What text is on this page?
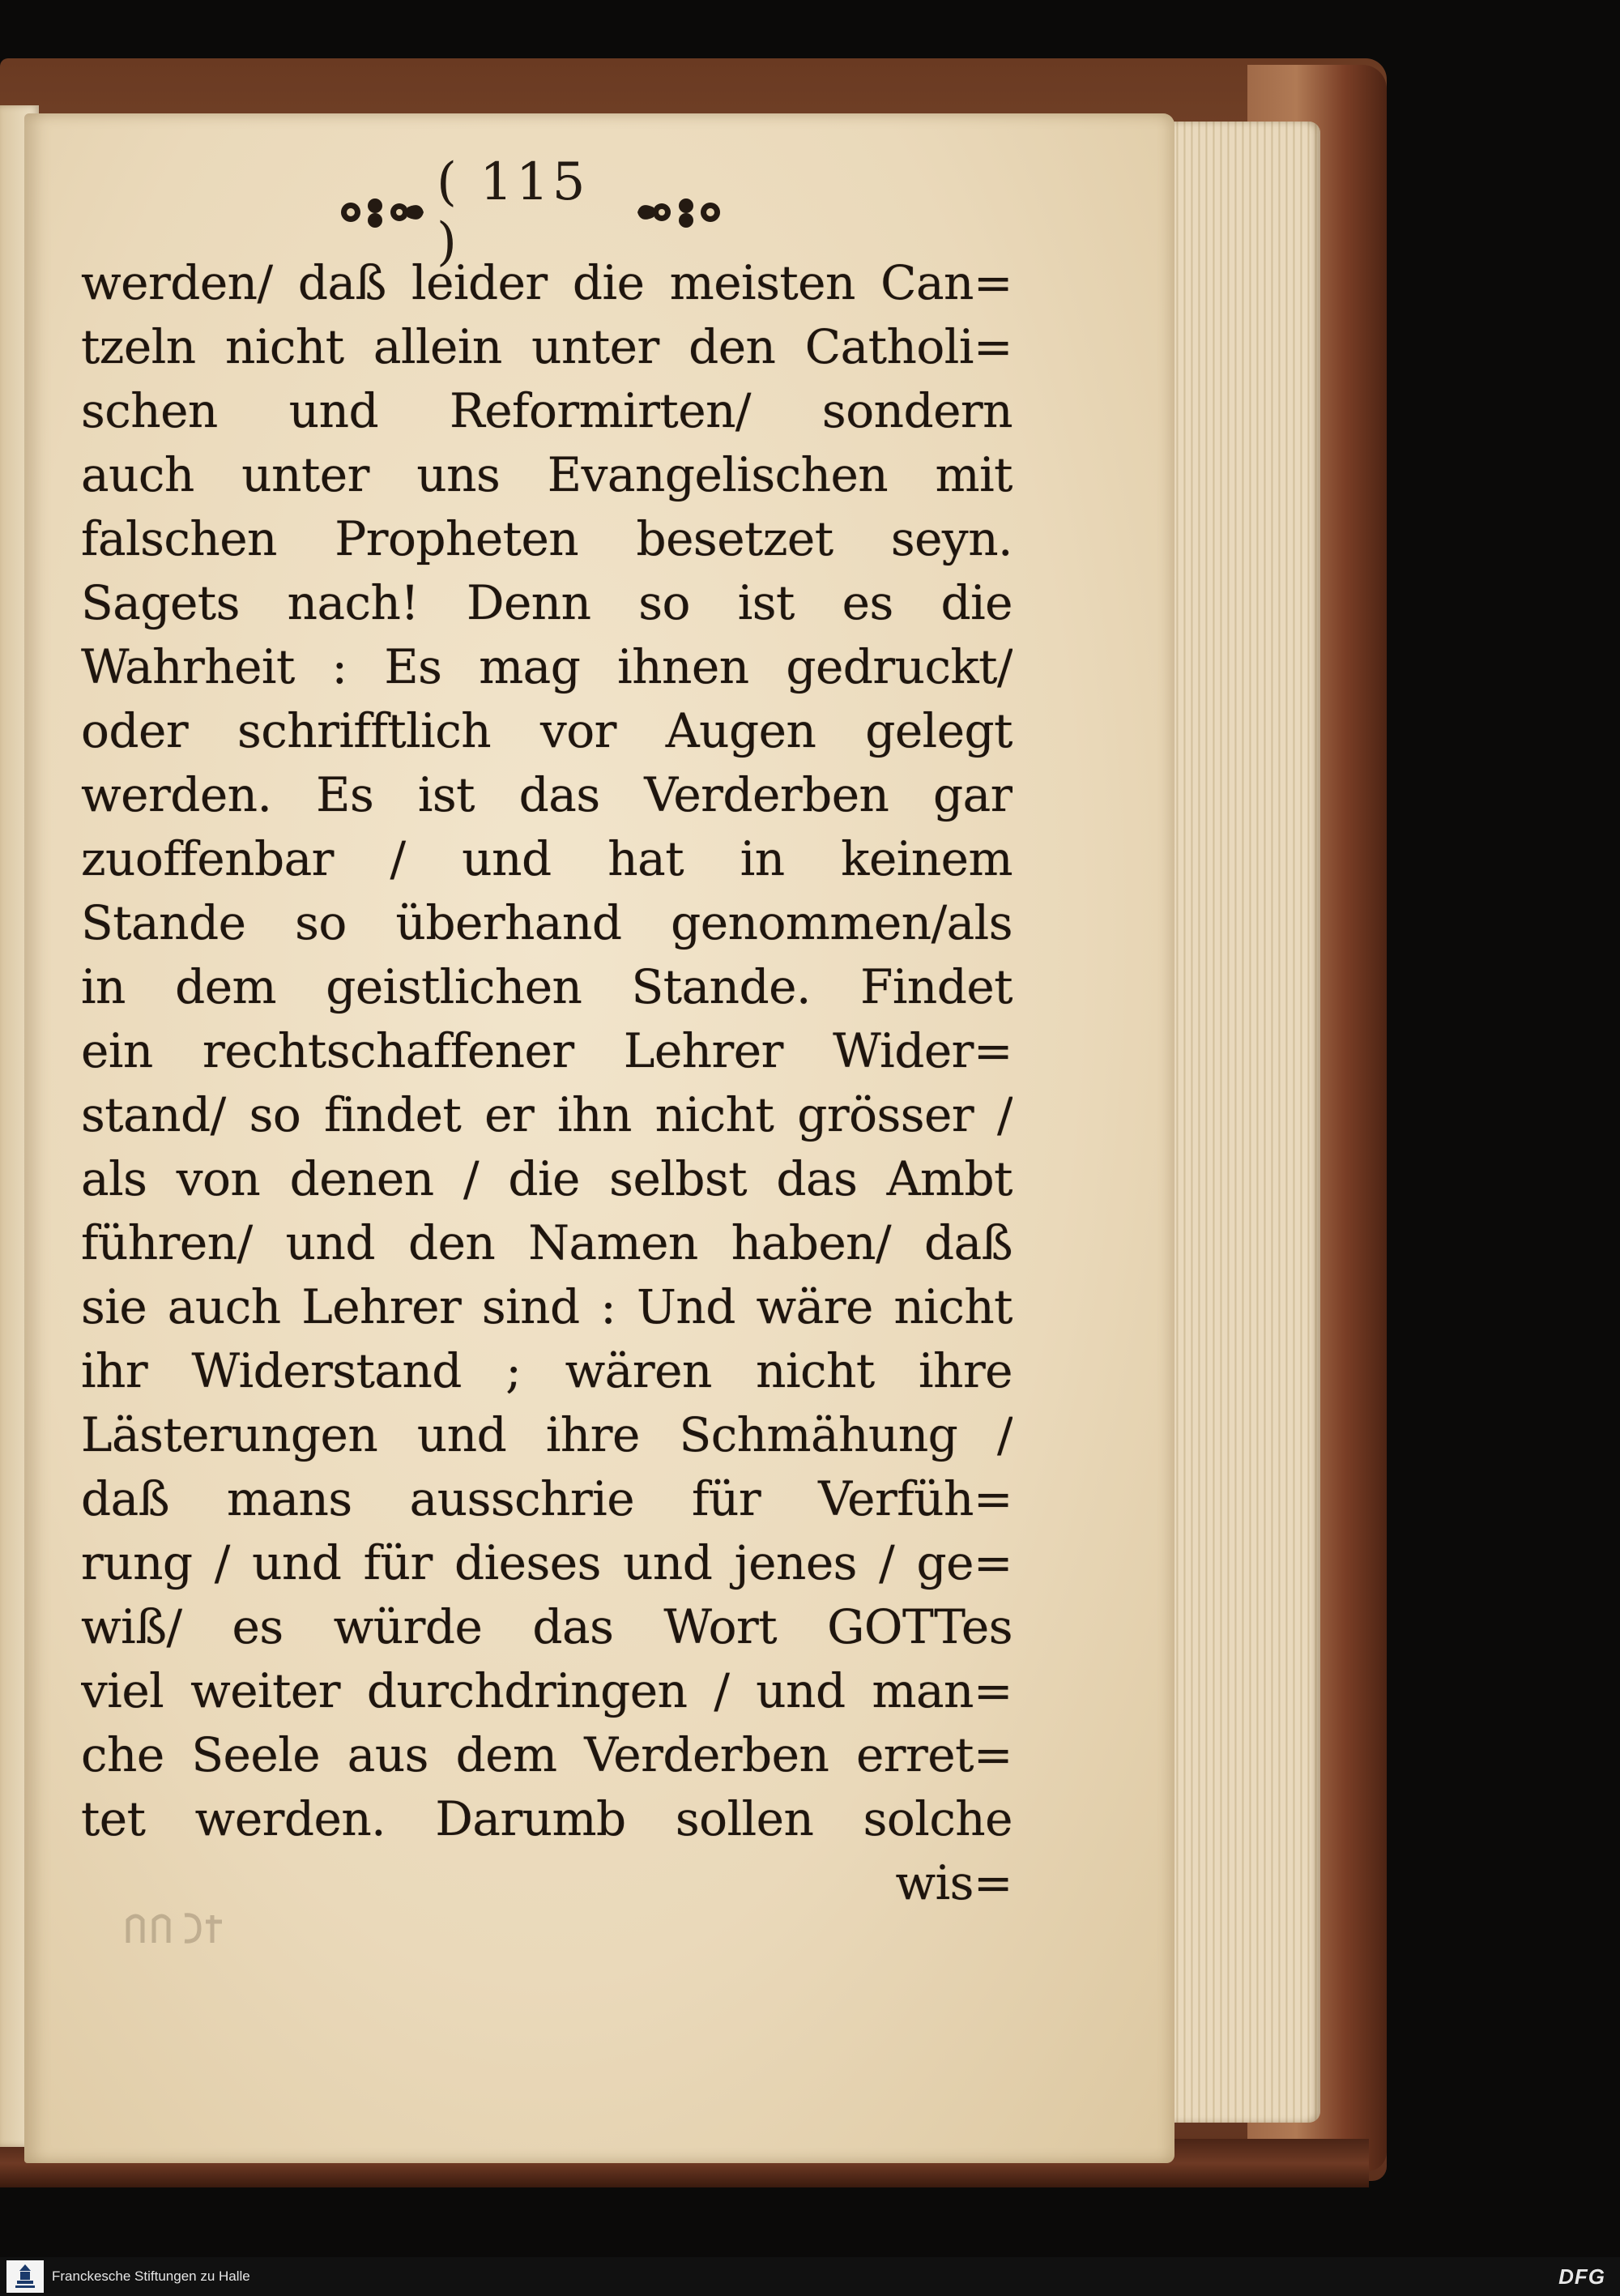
( 115 )
werden/ daß leider die meisten Can=
tzeln nicht allein unter den Catholi=
schen und Reformirten/ sondern
auch unter uns Evangelischen mit
falschen Propheten besetzet seyn.
Sagets nach! Denn so ist es die
Wahrheit : Es mag ihnen gedruckt/
oder schrifftlich vor Augen gelegt
werden. Es ist das Verderben gar
zuoffenbar / und hat in keinem
Stande so überhand genommen/als
in dem geistlichen Stande. Findet
ein rechtschaffener Lehrer Wider=
stand/ so findet er ihn nicht grösser /
als von denen / die selbst das Ambt
führen/ und den Namen haben/ daß
sie auch Lehrer sind : Und wäre nicht
ihr Widerstand ; wären nicht ihre
Lästerungen und ihre Schmähung /
daß mans ausschrie für Verfüh=
rung / und für dieses und jenes / ge=
wiß/ es würde das Wort GOTTes
viel weiter durchdringen / und man=
che Seele aus dem Verderben erret=
tet werden. Darumb sollen solche
wis=
Franckesche Stiftungen zu Halle	DFG
